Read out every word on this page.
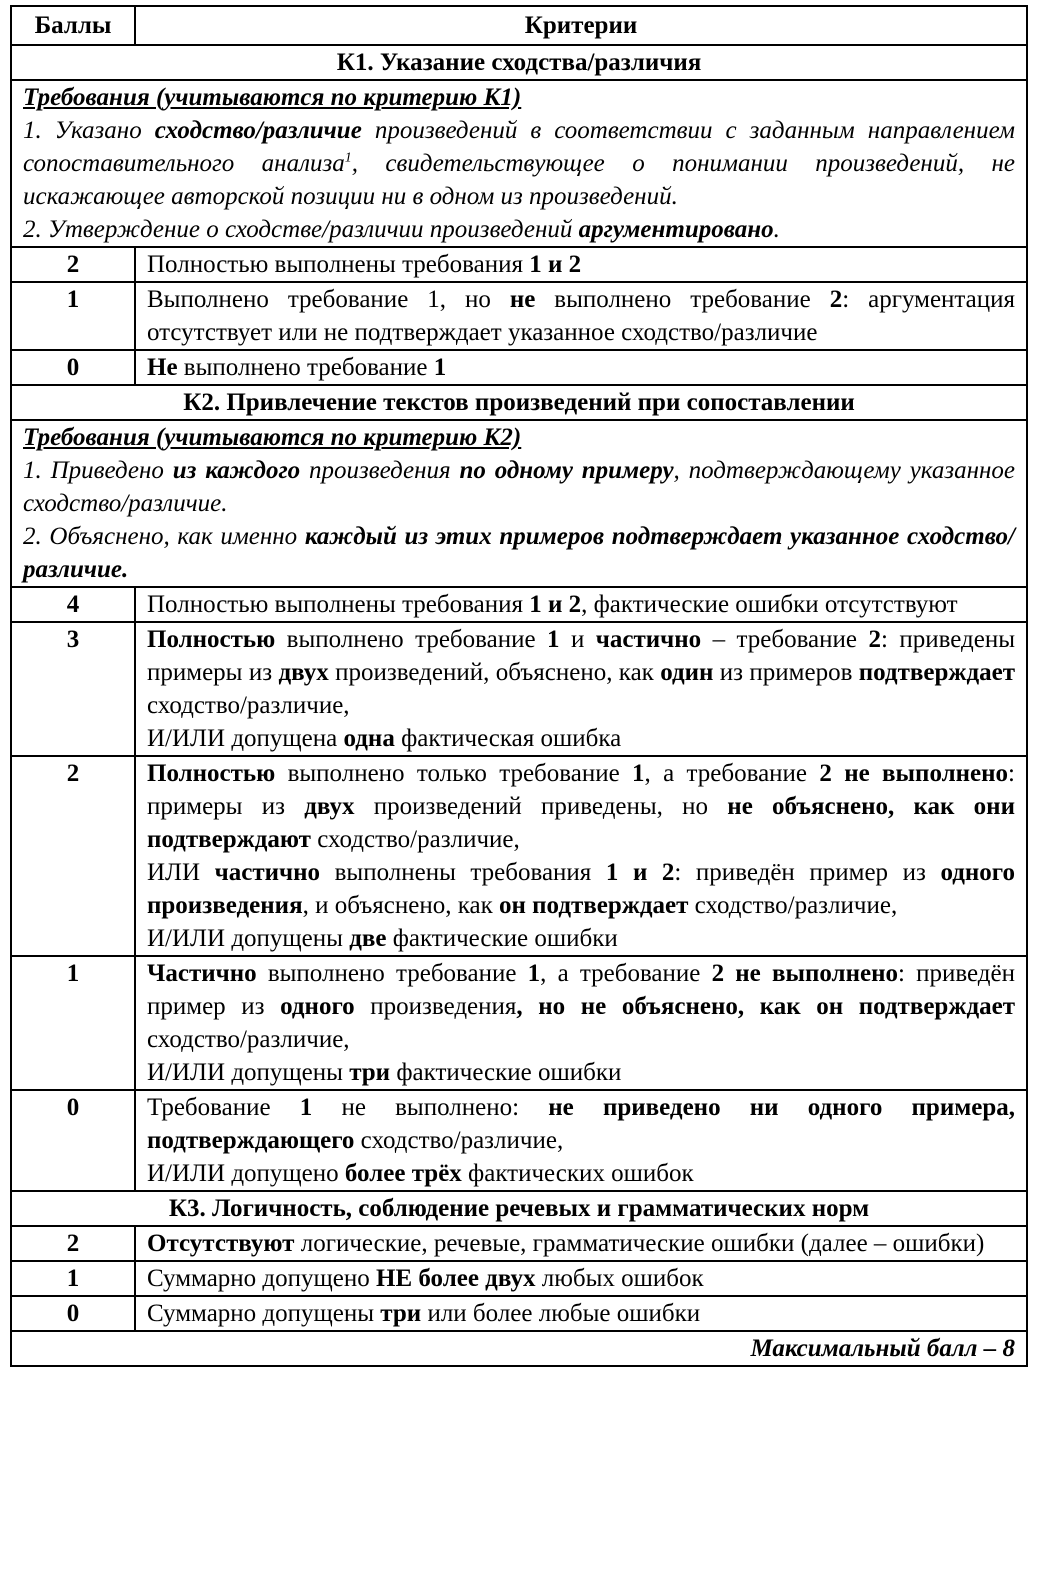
Баллы	Критерии
К1. Указание сходства/различия	

Требования (учитываются по критерию К1)
1. Указано сходство/различие произведений в соответствии с заданным направлением сопоставительного анализа$^1$, свидетельствующее о понимании произведений, не искажающее авторской позиции ни в одном из произведений.
2. Утверждение о сходстве/различии произведений аргументировано.	

2	Полностью выполнены требования 1 и 2
1	Выполнено требование 1, но не выполнено требование 2: аргументация отсутствует или не подтверждает указанное сходство/различие
0	Не выполнено требование 1
К2. Привлечение текстов произведений при сопоставлении	

Требования (учитываются по критерию К2)
1. Приведено из каждого произведения по одному примеру, подтверждающему указанное сходство/различие.
2. Объяснено, как именно каждый из этих примеров подтверждает указанное сходство/различие.	

4	Полностью выполнены требования 1 и 2, фактические ошибки отсутствуют
3	Полностью выполнено требование 1 и частично – требование 2: приведены примеры из двух произведений, объяснено, как один из примеров подтверждает сходство/различие,
И/ИЛИ допущена одна фактическая ошибка

2	Полностью выполнено только требование 1, а требование 2 не выполнено: примеры из двух произведений приведены, но не объяснено, как они подтверждают сходство/различие,
ИЛИ частично выполнены требования 1 и 2: приведён пример из одного произведения, и объяснено, как он подтверждает сходство/различие,
И/ИЛИ допущены две фактические ошибки

1	Частично выполнено требование 1, а требование 2 не выполнено: приведён пример из одного произведения, но не объяснено, как он подтверждает сходство/различие,
И/ИЛИ допущены три фактические ошибки

0	Требование 1 не выполнено: не приведено ни одного примера, подтверждающего сходство/различие,
И/ИЛИ допущено более трёх фактических ошибок

К3. Логичность, соблюдение речевых и грамматических норм	
2	Отсутствуют логические, речевые, грамматические ошибки (далее – ошибки)
1	Суммарно допущено НЕ более двух любых ошибок
0	Суммарно допущены три или более любые ошибки
Максимальный балл – 8	
